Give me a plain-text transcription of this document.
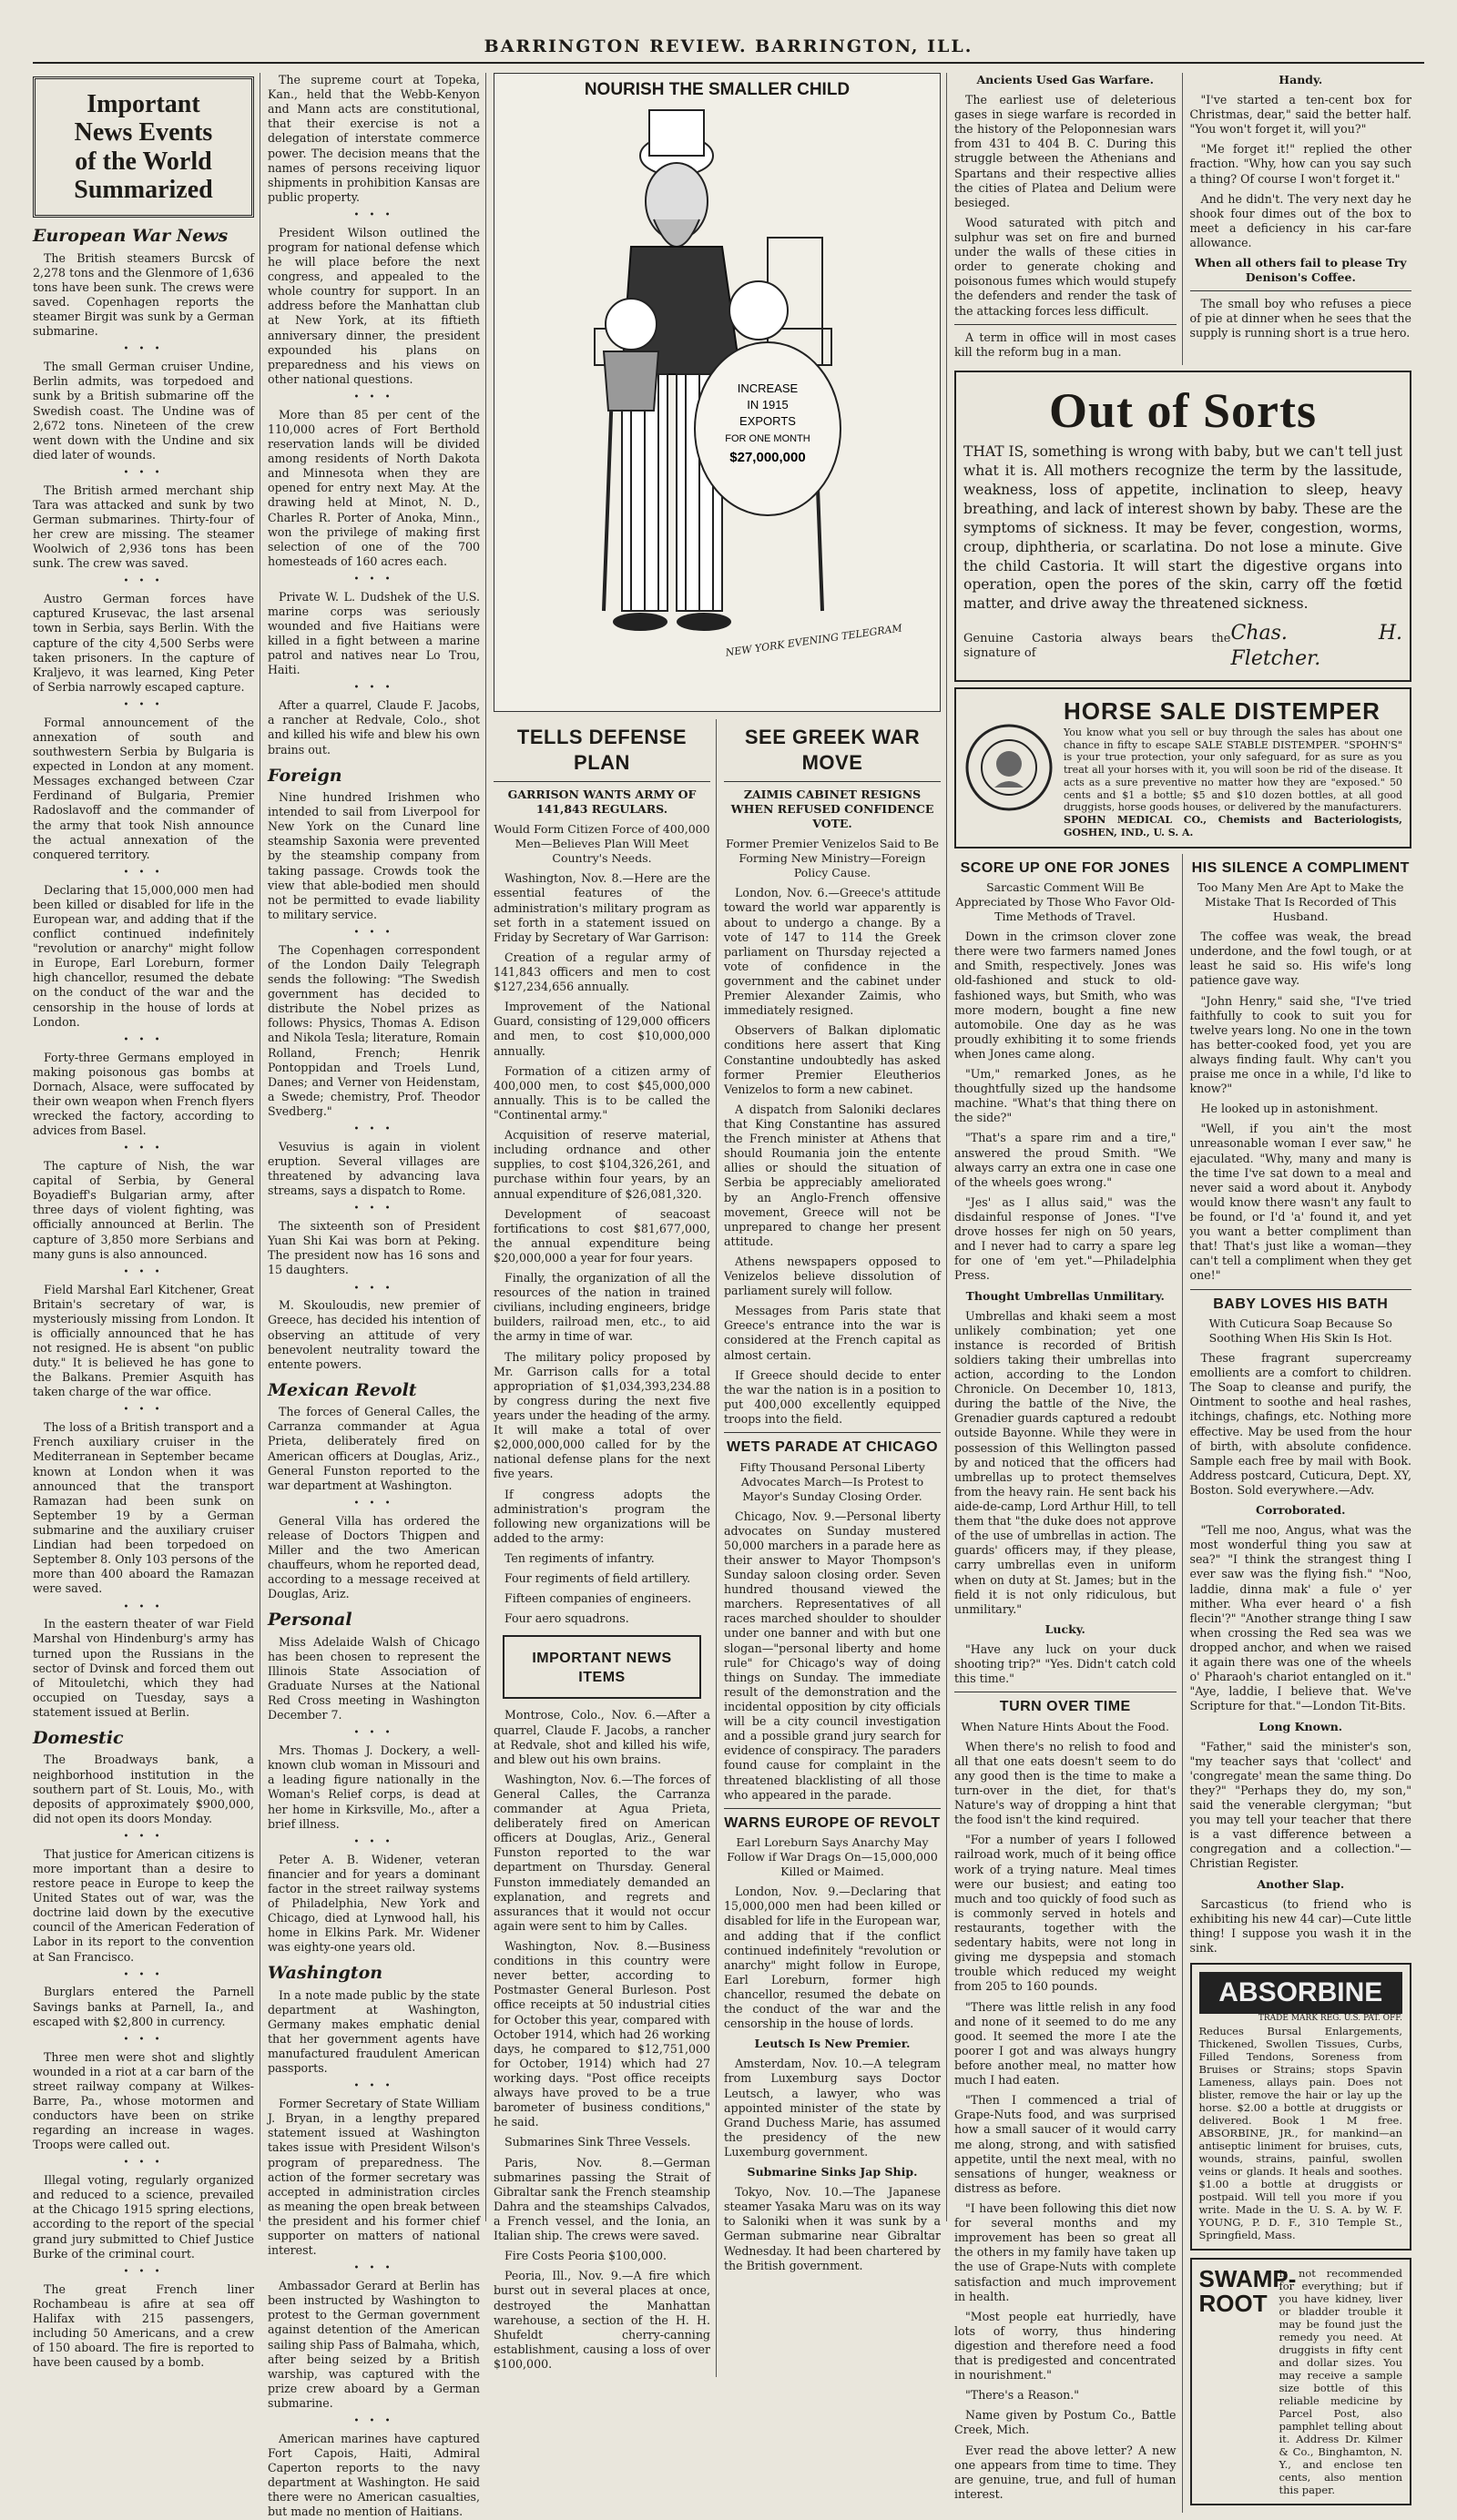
BARRINGTON REVIEW. BARRINGTON, ILL.
Important
News Events
of the World
Summarized
European War News

The British steamers Burcsk of 2,278 tons and the Glenmore of 1,636 tons have been sunk. The crews were saved. Copenhagen reports the steamer Birgit was sunk by a German submarine.

• • •

The small German cruiser Undine, Berlin admits, was torpedoed and sunk by a British submarine off the Swedish coast. The Undine was of 2,672 tons. Nineteen of the crew went down with the Undine and six died later of wounds.

• • •

The British armed merchant ship Tara was attacked and sunk by two German submarines. Thirty-four of her crew are missing. The steamer Woolwich of 2,936 tons has been sunk. The crew was saved.

• • •

Austro German forces have captured Krusevac, the last arsenal town in Serbia, says Berlin. With the capture of the city 4,500 Serbs were taken prisoners. In the capture of Kraljevo, it was learned, King Peter of Serbia narrowly escaped capture.

• • •

Formal announcement of the annexation of south and southwestern Serbia by Bulgaria is expected in London at any moment. Messages exchanged between Czar Ferdinand of Bulgaria, Premier Radoslavoff and the commander of the army that took Nish announce the actual annexation of the conquered territory.

• • •

Declaring that 15,000,000 men had been killed or disabled for life in the European war, and adding that if the conflict continued indefinitely "revolution or anarchy" might follow in Europe, Earl Loreburn, former high chancellor, resumed the debate on the conduct of the war and the censorship in the house of lords at London.

• • •

Forty-three Germans employed in making poisonous gas bombs at Dornach, Alsace, were suffocated by their own weapon when French flyers wrecked the factory, according to advices from Basel.

• • •

The capture of Nish, the war capital of Serbia, by General Boyadieff's Bulgarian army, after three days of violent fighting, was officially announced at Berlin. The capture of 3,850 more Serbians and many guns is also announced.

• • •

Field Marshal Earl Kitchener, Great Britain's secretary of war, is mysteriously missing from London. It is officially announced that he has not resigned. He is absent "on public duty." It is believed he has gone to the Balkans. Premier Asquith has taken charge of the war office.

• • •

The loss of a British transport and a French auxiliary cruiser in the Mediterranean in September became known at London when it was announced that the transport Ramazan had been sunk on September 19 by a German submarine and the auxiliary cruiser Lindian had been torpedoed on September 8. Only 103 persons of the more than 400 aboard the Ramazan were saved.

• • •

In the eastern theater of war Field Marshal von Hindenburg's army has turned upon the Russians in the sector of Dvinsk and forced them out of Mitouletchi, which they had occupied on Tuesday, says a statement issued at Berlin.

Domestic

The Broadways bank, a neighborhood institution in the southern part of St. Louis, Mo., with deposits of approximately $900,000, did not open its doors Monday.

• • •

That justice for American citizens is more important than a desire to restore peace in Europe to keep the United States out of war, was the doctrine laid down by the executive council of the American Federation of Labor in its report to the convention at San Francisco.

• • •

Burglars entered the Parnell Savings banks at Parnell, Ia., and escaped with $2,800 in currency.

• • •

Three men were shot and slightly wounded in a riot at a car barn of the street railway company at Wilkes-Barre, Pa., whose motormen and conductors have been on strike regarding an increase in wages. Troops were called out.

• • •

Illegal voting, regularly organized and reduced to a science, prevailed at the Chicago 1915 spring elections, according to the report of the special grand jury submitted to Chief Justice Burke of the criminal court.

• • •

The great French liner Rochambeau is afire at sea off Halifax with 215 passengers, including 50 Americans, and a crew of 150 aboard. The fire is reported to have been caused by a bomb.

The supreme court at Topeka, Kan., held that the Webb-Kenyon and Mann acts are constitutional, that their exercise is not a delegation of interstate commerce power. The decision means that the names of persons receiving liquor shipments in prohibition Kansas are public property.

• • •

President Wilson outlined the program for national defense which he will place before the next congress, and appealed to the whole country for support. In an address before the Manhattan club at New York, at its fiftieth anniversary dinner, the president expounded his plans on preparedness and his views on other national questions.

• • •

More than 85 per cent of the 110,000 acres of Fort Berthold reservation lands will be divided among residents of North Dakota and Minnesota when they are opened for entry next May. At the drawing held at Minot, N. D., Charles R. Porter of Anoka, Minn., won the privilege of making first selection of one of the 700 homesteads of 160 acres each.

• • •

Private W. L. Dudshek of the U.S. marine corps was seriously wounded and five Haitians were killed in a fight between a marine patrol and natives near Lo Trou, Haiti.

• • •

After a quarrel, Claude F. Jacobs, a rancher at Redvale, Colo., shot and killed his wife and blew his own brains out.

Foreign

Nine hundred Irishmen who intended to sail from Liverpool for New York on the Cunard line steamship Saxonia were prevented by the steamship company from taking passage. Crowds took the view that able-bodied men should not be permitted to evade liability to military service.

• • •

The Copenhagen correspondent of the London Daily Telegraph sends the following: "The Swedish government has decided to distribute the Nobel prizes as follows: Physics, Thomas A. Edison and Nikola Tesla; literature, Romain Rolland, French; Henrik Pontoppidan and Troels Lund, Danes; and Verner von Heidenstam, a Swede; chemistry, Prof. Theodor Svedberg."

• • •

Vesuvius is again in violent eruption. Several villages are threatened by advancing lava streams, says a dispatch to Rome.

• • •

The sixteenth son of President Yuan Shi Kai was born at Peking. The president now has 16 sons and 15 daughters.

• • •

M. Skouloudis, new premier of Greece, has decided his intention of observing an attitude of very benevolent neutrality toward the entente powers.

Mexican Revolt

The forces of General Calles, the Carranza commander at Agua Prieta, deliberately fired on American officers at Douglas, Ariz., General Funston reported to the war department at Washington.

• • •

General Villa has ordered the release of Doctors Thigpen and Miller and the two American chauffeurs, whom he reported dead, according to a message received at Douglas, Ariz.

Personal

Miss Adelaide Walsh of Chicago has been chosen to represent the Illinois State Association of Graduate Nurses at the National Red Cross meeting in Washington December 7.

• • •

Mrs. Thomas J. Dockery, a well-known club woman in Missouri and a leading figure nationally in the Woman's Relief corps, is dead at her home in Kirksville, Mo., after a brief illness.

• • •

Peter A. B. Widener, veteran financier and for years a dominant factor in the street railway systems of Philadelphia, New York and Chicago, died at Lynwood hall, his home in Elkins Park. Mr. Widener was eighty-one years old.

Washington

In a note made public by the state department at Washington, Germany makes emphatic denial that her government agents have manufactured fraudulent American passports.

• • •

Former Secretary of State William J. Bryan, in a lengthy prepared statement issued at Washington takes issue with President Wilson's program of preparedness. The action of the former secretary was accepted in administration circles as meaning the open break between the president and his former chief supporter on matters of national interest.

• • •

Ambassador Gerard at Berlin has been instructed by Washington to protest to the German government against detention of the American sailing ship Pass of Balmaha, which, after being seized by a British warship, was captured with the prize crew aboard by a German submarine.

• • •

American marines have captured Fort Capois, Haiti, Admiral Caperton reports to the navy department at Washington. He said there were no American casualties, but made no mention of Haitians.

NOURISH THE SMALLER CHILD
INCREASE
IN 1915
EXPORTS
FOR ONE MONTH
$27,000,000
NEW YORK EVENING TELEGRAM
TELLS DEFENSE PLAN
GARRISON WANTS ARMY OF 141,843 REGULARS.
Would Form Citizen Force of 400,000 Men—Believes Plan Will Meet Country's Needs.

Washington, Nov. 8.—Here are the essential features of the administration's military program as set forth in a statement issued on Friday by Secretary of War Garrison:

Creation of a regular army of 141,843 officers and men to cost $127,234,656 annually.

Improvement of the National Guard, consisting of 129,000 officers and men, to cost $10,000,000 annually.

Formation of a citizen army of 400,000 men, to cost $45,000,000 annually. This is to be called the "Continental army."

Acquisition of reserve material, including ordnance and other supplies, to cost $104,326,261, and purchase within four years, by an annual expenditure of $26,081,320.

Development of seacoast fortifications to cost $81,677,000, the annual expenditure being $20,000,000 a year for four years.

Finally, the organization of all the resources of the nation in trained civilians, including engineers, bridge builders, railroad men, etc., to aid the army in time of war.

The military policy proposed by Mr. Garrison calls for a total appropriation of $1,034,393,234.88 by congress during the next five years under the heading of the army. It will make a total of over $2,000,000,000 called for by the national defense plans for the next five years.

If congress adopts the administration's program the following new organizations will be added to the army:

Ten regiments of infantry.

Four regiments of field artillery.

Fifteen companies of engineers.

Four aero squadrons.

IMPORTANT NEWS ITEMS

Montrose, Colo., Nov. 6.—After a quarrel, Claude F. Jacobs, a rancher at Redvale, shot and killed his wife, and blew out his own brains.

Washington, Nov. 6.—The forces of General Calles, the Carranza commander at Agua Prieta, deliberately fired on American officers at Douglas, Ariz., General Funston reported to the war department on Thursday. General Funston immediately demanded an explanation, and regrets and assurances that it would not occur again were sent to him by Calles.

Washington, Nov. 8.—Business conditions in this country were never better, according to Postmaster General Burleson. Post office receipts at 50 industrial cities for October this year, compared with October 1914, which had 26 working days, he compared to $12,751,000 for October, 1914) which had 27 working days. "Post office receipts always have proved to be a true barometer of business conditions," he said.

Submarines Sink Three Vessels.

Paris, Nov. 8.—German submarines passing the Strait of Gibraltar sank the French steamship Dahra and the steamships Calvados, a French vessel, and the Ionia, an Italian ship. The crews were saved.

Fire Costs Peoria $100,000.

Peoria, Ill., Nov. 9.—A fire which burst out in several places at once, destroyed the Manhattan warehouse, a section of the H. H. Shufeldt cherry-canning establishment, causing a loss of over $100,000.

SEE GREEK WAR MOVE
ZAIMIS CABINET RESIGNS WHEN REFUSED CONFIDENCE VOTE.
Former Premier Venizelos Said to Be Forming New Ministry—Foreign Policy Cause.

London, Nov. 6.—Greece's attitude toward the world war apparently is about to undergo a change. By a vote of 147 to 114 the Greek parliament on Thursday rejected a vote of confidence in the government and the cabinet under Premier Alexander Zaimis, who immediately resigned.

Observers of Balkan diplomatic conditions here assert that King Constantine undoubtedly has asked former Premier Eleutherios Venizelos to form a new cabinet.

A dispatch from Saloniki declares that King Constantine has assured the French minister at Athens that should Roumania join the entente allies or should the situation of Serbia be appreciably ameliorated by an Anglo-French offensive movement, Greece will not be unprepared to change her present attitude.

Athens newspapers opposed to Venizelos believe dissolution of parliament surely will follow.

Messages from Paris state that Greece's entrance into the war is considered at the French capital as almost certain.

If Greece should decide to enter the war the nation is in a position to put 400,000 excellently equipped troops into the field.

WETS PARADE AT CHICAGO
Fifty Thousand Personal Liberty Advocates March—Is Protest to Mayor's Sunday Closing Order.

Chicago, Nov. 9.—Personal liberty advocates on Sunday mustered 50,000 marchers in a parade here as their answer to Mayor Thompson's Sunday saloon closing order. Seven hundred thousand viewed the marchers. Representatives of all races marched shoulder to shoulder under one banner and with but one slogan—"personal liberty and home rule" for Chicago's way of doing things on Sunday. The immediate result of the demonstration and the incidental opposition by city officials will be a city council investigation and a possible grand jury search for evidence of conspiracy. The paraders found cause for complaint in the threatened blacklisting of all those who appeared in the parade.

WARNS EUROPE OF REVOLT
Earl Loreburn Says Anarchy May Follow if War Drags On—15,000,000 Killed or Maimed.

London, Nov. 9.—Declaring that 15,000,000 men had been killed or disabled for life in the European war, and adding that if the conflict continued indefinitely "revolution or anarchy" might follow in Europe, Earl Loreburn, former high chancellor, resumed the debate on the conduct of the war and the censorship in the house of lords.

Leutsch Is New Premier.

Amsterdam, Nov. 10.—A telegram from Luxemburg says Doctor Leutsch, a lawyer, who was appointed minister of the state by Grand Duchess Marie, has assumed the presidency of the new Luxemburg government.

Submarine Sinks Jap Ship.

Tokyo, Nov. 10.—The Japanese steamer Yasaka Maru was on its way to Saloniki when it was sunk by a German submarine near Gibraltar Wednesday. It had been chartered by the British government.

Ancients Used Gas Warfare.

The earliest use of deleterious gases in siege warfare is recorded in the history of the Peloponnesian wars from 431 to 404 B. C. During this struggle between the Athenians and Spartans and their respective allies the cities of Platea and Delium were besieged.

Wood saturated with pitch and sulphur was set on fire and burned under the walls of these cities in order to generate choking and poisonous fumes which would stupefy the defenders and render the task of the attacking forces less difficult.

A term in office will in most cases kill the reform bug in a man.

Handy.

"I've started a ten-cent box for Christmas, dear," said the better half. "You won't forget it, will you?"

"Me forget it!" replied the other fraction. "Why, how can you say such a thing? Of course I won't forget it."

And he didn't. The very next day he shook four dimes out of the box to meet a deficiency in his car-fare allowance.

When all others fail to please Try Denison's Coffee.

The small boy who refuses a piece of pie at dinner when he sees that the supply is running short is a true hero.

Out of Sorts
THAT IS, something is wrong with baby, but we can't tell just what it is. All mothers recognize the term by the lassitude, weakness, loss of appetite, inclination to sleep, heavy breathing, and lack of interest shown by baby. These are the symptoms of sickness. It may be fever, congestion, worms, croup, diphtheria, or scarlatina. Do not lose a minute. Give the child Castoria. It will start the digestive organs into operation, open the pores of the skin, carry off the fœtid matter, and drive away the threatened sickness.
Genuine Castoria always bears the signature of
Chas. H. Fletcher.
HORSE SALE DISTEMPER
You know what you sell or buy through the sales has about one chance in fifty to escape SALE STABLE DISTEMPER. "SPOHN'S" is your true protection, your only safeguard, for as sure as you treat all your horses with it, you will soon be rid of the disease. It acts as a sure preventive no matter how they are "exposed." 50 cents and $1 a bottle; $5 and $10 dozen bottles, at all good druggists, horse goods houses, or delivered by the manufacturers.
SPOHN MEDICAL CO., Chemists and Bacteriologists, GOSHEN, IND., U. S. A.
SCORE UP ONE FOR JONES
Sarcastic Comment Will Be Appreciated by Those Who Favor Old-Time Methods of Travel.

Down in the crimson clover zone there were two farmers named Jones and Smith, respectively. Jones was old-fashioned and stuck to old-fashioned ways, but Smith, who was more modern, bought a fine new automobile. One day as he was proudly exhibiting it to some friends when Jones came along.

"Um," remarked Jones, as he thoughtfully sized up the handsome machine. "What's that thing there on the side?"

"That's a spare rim and a tire," answered the proud Smith. "We always carry an extra one in case one of the wheels goes wrong."

"Jes' as I allus said," was the disdainful response of Jones. "I've drove hosses fer nigh on 50 years, and I never had to carry a spare leg for one of 'em yet."—Philadelphia Press.

Thought Umbrellas Unmilitary.

Umbrellas and khaki seem a most unlikely combination; yet one instance is recorded of British soldiers taking their umbrellas into action, according to the London Chronicle. On December 10, 1813, during the battle of the Nive, the Grenadier guards captured a redoubt outside Bayonne. While they were in possession of this Wellington passed by and noticed that the officers had umbrellas up to protect themselves from the heavy rain. He sent back his aide-de-camp, Lord Arthur Hill, to tell them that "the duke does not approve of the use of umbrellas in action. The guards' officers may, if they please, carry umbrellas even in uniform when on duty at St. James; but in the field it is not only ridiculous, but unmilitary."

Lucky.

"Have any luck on your duck shooting trip?" "Yes. Didn't catch cold this time."

TURN OVER TIME
When Nature Hints About the Food.

When there's no relish to food and all that one eats doesn't seem to do any good then is the time to make a turn-over in the diet, for that's Nature's way of dropping a hint that the food isn't the kind required.

"For a number of years I followed railroad work, much of it being office work of a trying nature. Meal times were our busiest; and eating too much and too quickly of food such as is commonly served in hotels and restaurants, together with the sedentary habits, were not long in giving me dyspepsia and stomach trouble which reduced my weight from 205 to 160 pounds.

"There was little relish in any food and none of it seemed to do me any good. It seemed the more I ate the poorer I got and was always hungry before another meal, no matter how much I had eaten.

"Then I commenced a trial of Grape-Nuts food, and was surprised how a small saucer of it would carry me along, strong, and with satisfied appetite, until the next meal, with no sensations of hunger, weakness or distress as before.

"I have been following this diet now for several months and my improvement has been so great all the others in my family have taken up the use of Grape-Nuts with complete satisfaction and much improvement in health.

"Most people eat hurriedly, have lots of worry, thus hindering digestion and therefore need a food that is predigested and concentrated in nourishment."

"There's a Reason."

Name given by Postum Co., Battle Creek, Mich.

Ever read the above letter? A new one appears from time to time. They are genuine, true, and full of human interest.

HIS SILENCE A COMPLIMENT
Too Many Men Are Apt to Make the Mistake That Is Recorded of This Husband.

The coffee was weak, the bread underdone, and the fowl tough, or at least he said so. His wife's long patience gave way.

"John Henry," said she, "I've tried faithfully to cook to suit you for twelve years long. No one in the town has better-cooked food, yet you are always finding fault. Why can't you praise me once in a while, I'd like to know?"

He looked up in astonishment.

"Well, if you ain't the most unreasonable woman I ever saw," he ejaculated. "Why, many and many is the time I've sat down to a meal and never said a word about it. Anybody would know there wasn't any fault to be found, or I'd 'a' found it, and yet you want a better compliment than that! That's just like a woman—they can't tell a compliment when they get one!"

BABY LOVES HIS BATH
With Cuticura Soap Because So Soothing When His Skin Is Hot.

These fragrant supercreamy emollients are a comfort to children. The Soap to cleanse and purify, the Ointment to soothe and heal rashes, itchings, chafings, etc. Nothing more effective. May be used from the hour of birth, with absolute confidence. Sample each free by mail with Book. Address postcard, Cuticura, Dept. XY, Boston. Sold everywhere.—Adv.

Corroborated.

"Tell me noo, Angus, what was the most wonderful thing you saw at sea?" "I think the strangest thing I ever saw was the flying fish." "Noo, laddie, dinna mak' a fule o' yer mither. Wha ever heard o' a fish flecin'?" "Another strange thing I saw when crossing the Red sea was we dropped anchor, and when we raised it again there was one of the wheels o' Pharaoh's chariot entangled on it." "Aye, laddie, I believe that. We've Scripture for that."—London Tit-Bits.

Long Known.

"Father," said the minister's son, "my teacher says that 'collect' and 'congregate' mean the same thing. Do they?" "Perhaps they do, my son," said the venerable clergyman; "but you may tell your teacher that there is a vast difference between a congregation and a collection."—Christian Register.

Another Slap.

Sarcasticus (to friend who is exhibiting his new 44 car)—Cute little thing! I suppose you wash it in the sink.

ABSORBINE
TRADE MARK REG. U.S. PAT. OFF.
Reduces Bursal Enlargements, Thickened, Swollen Tissues, Curbs, Filled Tendons, Soreness from Bruises or Strains; stops Spavin Lameness, allays pain. Does not blister, remove the hair or lay up the horse. $2.00 a bottle at druggists or delivered. Book 1 M free. ABSORBINE, JR., for mankind—an antiseptic liniment for bruises, cuts, wounds, strains, painful, swollen veins or glands. It heals and soothes. $1.00 a bottle at druggists or postpaid. Will tell you more if you write. Made in the U. S. A. by W. F. YOUNG, P. D. F., 310 Temple St., Springfield, Mass.
SWAMP-ROOT
is not recommended for everything; but if you have kidney, liver or bladder trouble it may be found just the remedy you need. At druggists in fifty cent and dollar sizes. You may receive a sample size bottle of this reliable medicine by Parcel Post, also pamphlet telling about it. Address Dr. Kilmer & Co., Binghamton, N. Y., and enclose ten cents, also mention this paper.
